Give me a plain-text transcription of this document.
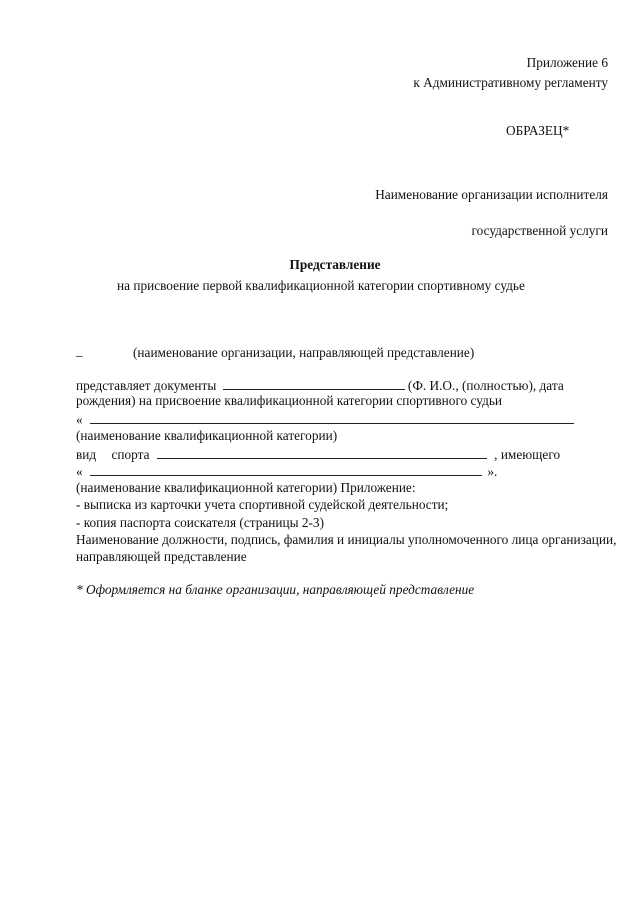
Приложение 6
к Административному регламенту
ОБРАЗЕЦ*
Наименование организации исполнителя
государственной услуги
Представление
на присвоение первой квалификационной категории спортивному судье
_	(наименование организации, направляющей представление)
представляет документы	(Ф. И.О., (полностью), дата
рождения) на присвоение квалификационной категории спортивного судьи
«
(наименование квалификационной категории)
вид спорта	, имеющего
«	».
(наименование квалификационной категории) Приложение:
- выписка из карточки учета спортивной судейской деятельности;
- копия паспорта соискателя (страницы 2-3)
Наименование должности, подпись, фамилия и инициалы уполномоченного лица организации,
направляющей представление
* Оформляется на бланке организации, направляющей представление
